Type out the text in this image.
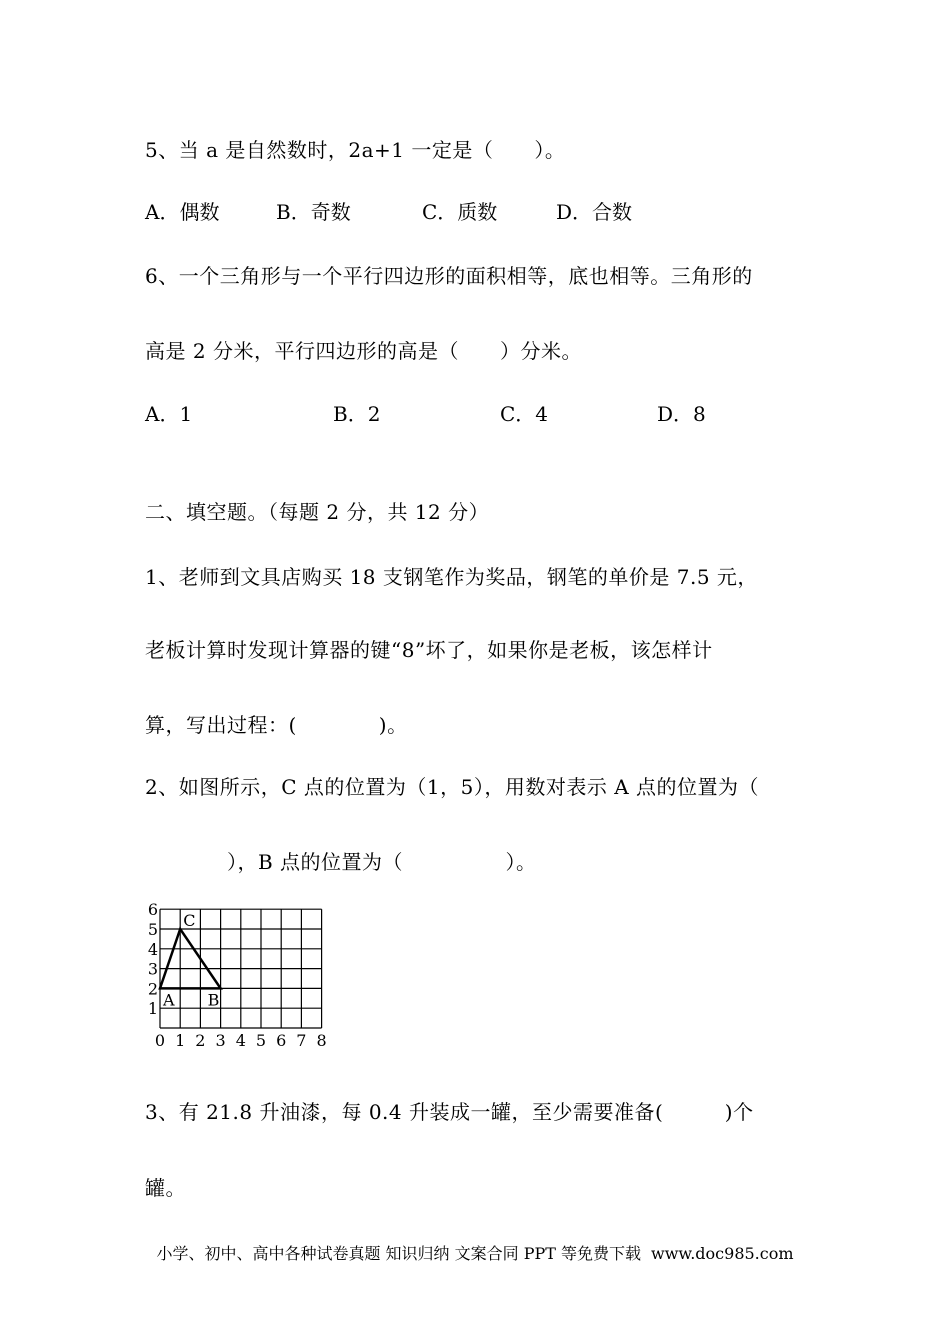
5、当 a 是自然数时，2a+1 一定是（　　）。
A．偶数	B．奇数	C．质数	D．合数
6、一个三角形与一个平行四边形的面积相等，底也相等。三角形的
高是 2 分米，平行四边形的高是（　　）分米。
A．1	B．2	C．4	D．8
二、填空题。（每题 2 分，共 12 分）
1、老师到文具店购买 18 支钢笔作为奖品，钢笔的单价是 7.5 元，
老板计算时发现计算器的键“8”坏了，如果你是老板，该怎样计
算，写出过程：(　　　　)。
2、如图所示，C 点的位置为（1，5），用数对表示 A 点的位置为（
　　　　），B 点的位置为（　　　　　）。
0 1 2 3 4 5 6 7 8
1
2
3
4
5
6
A B
C
3、有 21.8 升油漆，每 0.4 升装成一罐，至少需要准备(　　　)个
罐。
小学、初中、高中各种试卷真题 知识归纳 文案合同 PPT 等免费下载 www.doc985.com
